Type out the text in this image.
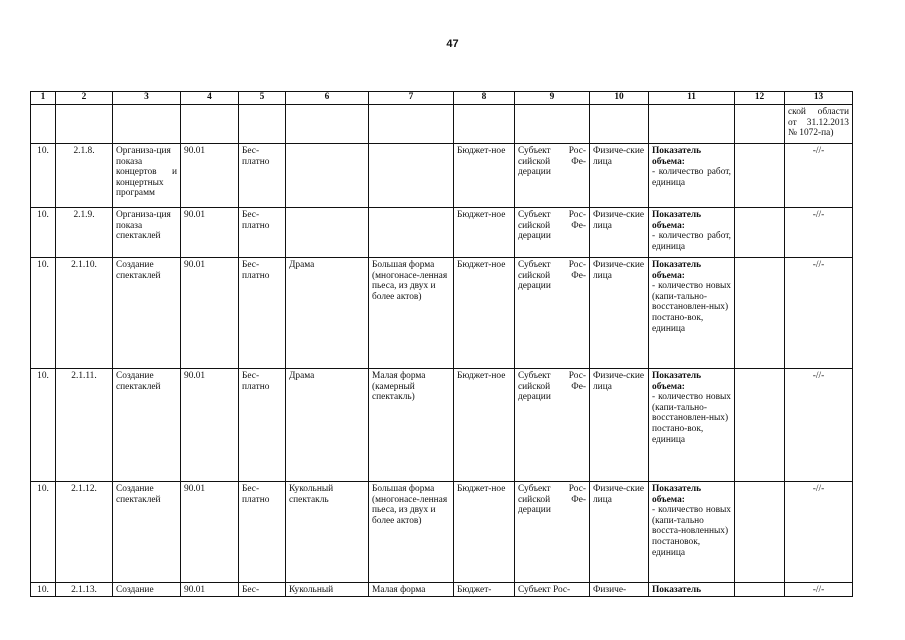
47
1	2	3	4	5	6	7	8	9	10	11	12	13
												ской области от 31.12.2013 № 1072-па)
10.	2.1.8.	Организа-ция показа концертов и концертных программ	90.01	Бес-платно			Бюджет-ное	Субъект Рос-сийской Фе-дерации	Физиче-ские лица	Показатель объема:
- количество работ, единица		-//-
10.	2.1.9.	Организа-ция показа спектаклей	90.01	Бес-платно			Бюджет-ное	Субъект Рос-сийской Фе-дерации	Физиче-ские лица	Показатель объема:
- количество работ, единица		-//-
10.	2.1.10.	Создание спектаклей	90.01	Бес-платно	Драма	Большая форма (многонасе-ленная пьеса, из двух и более актов)	Бюджет-ное	Субъект Рос-сийской Фе-дерации	Физиче-ские лица	Показатель объема:
- количество новых (капи-тально-восстановлен-ных) постано-вок, единица		-//-
10.	2.1.11.	Создание спектаклей	90.01	Бес-платно	Драма	Малая форма (камерный спектакль)	Бюджет-ное	Субъект Рос-сийской Фе-дерации	Физиче-ские лица	Показатель объема:
- количество новых (капи-тально-восстановлен-ных) постано-вок, единица		-//-
10.	2.1.12.	Создание спектаклей	90.01	Бес-платно	Кукольный спектакль	Большая форма (многонасе-ленная пьеса, из двух и более актов)	Бюджет-ное	Субъект Рос-сийской Фе-дерации	Физиче-ские лица	Показатель объема:
- количество новых (капи-тально восста-новленных) постановок, единица		-//-
10.	2.1.13.	Создание	90.01	Бес-	Кукольный	Малая форма	Бюджет-	Субъект Рос-	Физиче-	Показатель		-//-
